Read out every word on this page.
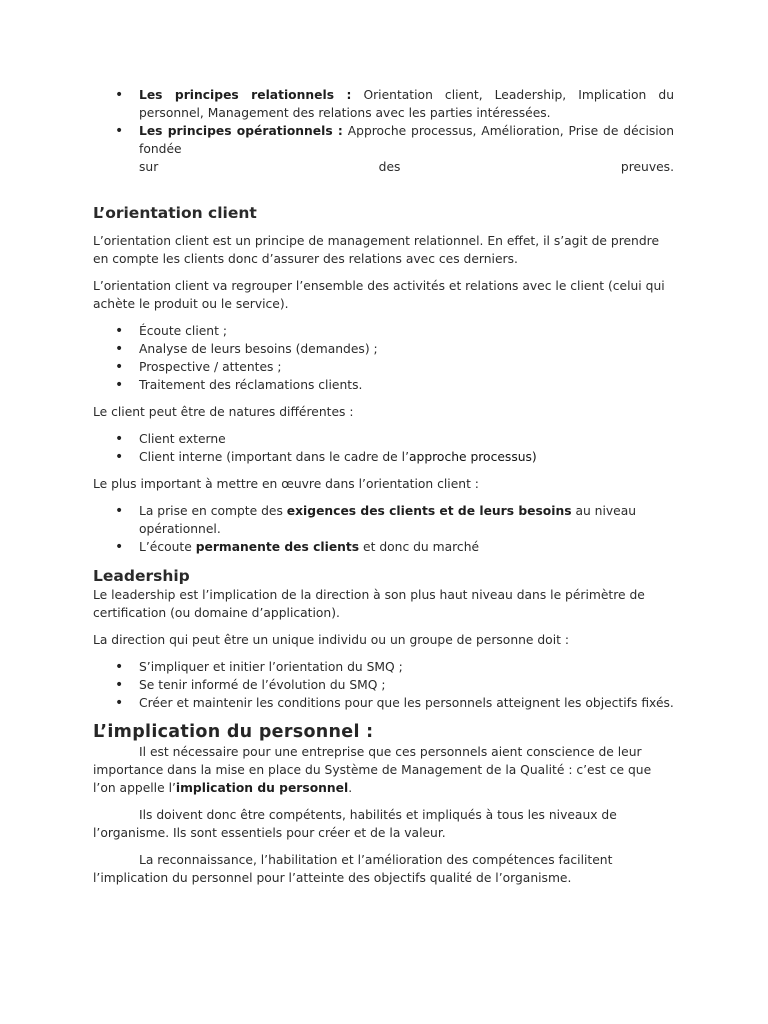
• Les principes relationnels : Orientation client, Leadership, Implication du personnel, Management des relations avec les parties intéressées.
• Les principes opérationnels : Approche processus, Amélioration, Prise de décision fondée
sur des preuves.
L’orientation client

L’orientation client est un principe de management relationnel. En effet, il s’agit de prendre en compte les clients donc d’assurer des relations avec ces derniers.

L’orientation client va regrouper l’ensemble des activités et relations avec le client (celui qui achète le produit ou le service).

• Écoute client ;
• Analyse de leurs besoins (demandes) ;
• Prospective / attentes ;
• Traitement des réclamations clients.

Le client peut être de natures différentes :

• Client externe
• Client interne (important dans le cadre de l’approche processus)

Le plus important à mettre en œuvre dans l’orientation client :

• La prise en compte des exigences des clients et de leurs besoins au niveau opérationnel.
• L’écoute permanente des clients et donc du marché
Leadership

Le leadership est l’implication de la direction à son plus haut niveau dans le périmètre de certification (ou domaine d’application).

La direction qui peut être un unique individu ou un groupe de personne doit :

• S’impliquer et initier l’orientation du SMQ ;
• Se tenir informé de l’évolution du SMQ ;
• Créer et maintenir les conditions pour que les personnels atteignent les objectifs fixés.
L’implication du personnel :

Il est nécessaire pour une entreprise que ces personnels aient conscience de leur importance dans la mise en place du Système de Management de la Qualité : c’est ce que l’on appelle l’implication du personnel.

Ils doivent donc être compétents, habilités et impliqués à tous les niveaux de l’organisme. Ils sont essentiels pour créer et de la valeur.

La reconnaissance, l’habilitation et l’amélioration des compétences facilitent l’implication du personnel pour l’atteinte des objectifs qualité de l’organisme.
